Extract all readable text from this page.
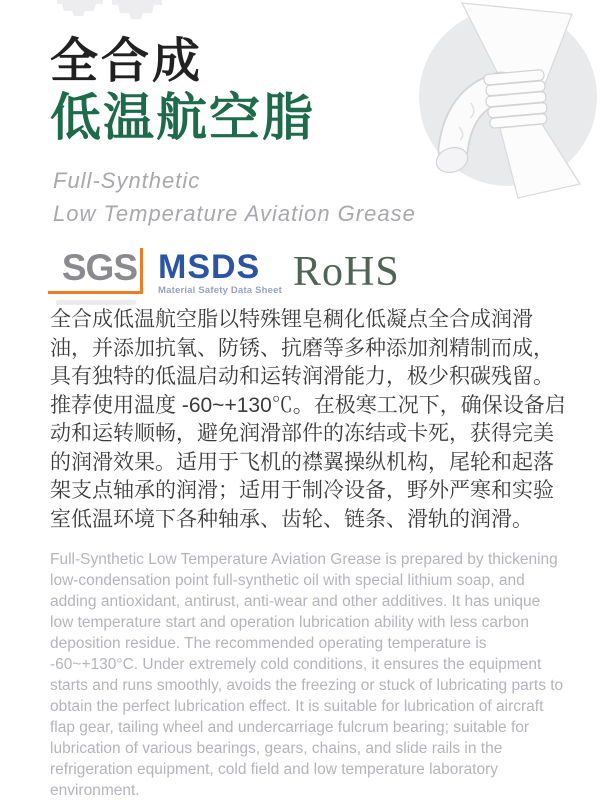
全合成
低温航空脂
Full-Synthetic
Low Temperature Aviation Grease
SGS MSDS
Material Safety Data Sheet RoHS

全合成低温航空脂以特殊锂皂稠化低凝点全合成润滑油，并添加抗氧、防锈、抗磨等多种添加剂精制而成，具有独特的低温启动和运转润滑能力，极少积碳残留。推荐使用温度 -60~+130℃。在极寒工况下，确保设备启动和运转顺畅，避免润滑部件的冻结或卡死，获得完美的润滑效果。适用于飞机的襟翼操纵机构，尾轮和起落架支点轴承的润滑；适用于制冷设备，野外严寒和实验室低温环境下各种轴承、齿轮、链条、滑轨的润滑。

Full-Synthetic Low Temperature Aviation Grease is prepared by thickening low-condensation point full-synthetic oil with special lithium soap, and adding antioxidant, antirust, anti-wear and other additives. It has unique low temperature start and operation lubrication ability with less carbon deposition residue. The recommended operating temperature is -60~+130°C. Under extremely cold conditions, it ensures the equipment starts and runs smoothly, avoids the freezing or stuck of lubricating parts to obtain the perfect lubrication effect. It is suitable for lubrication of aircraft flap gear, tailing wheel and undercarriage fulcrum bearing; suitable for lubrication of various bearings, gears, chains, and slide rails in the refrigeration equipment, cold field and low temperature laboratory environment.
